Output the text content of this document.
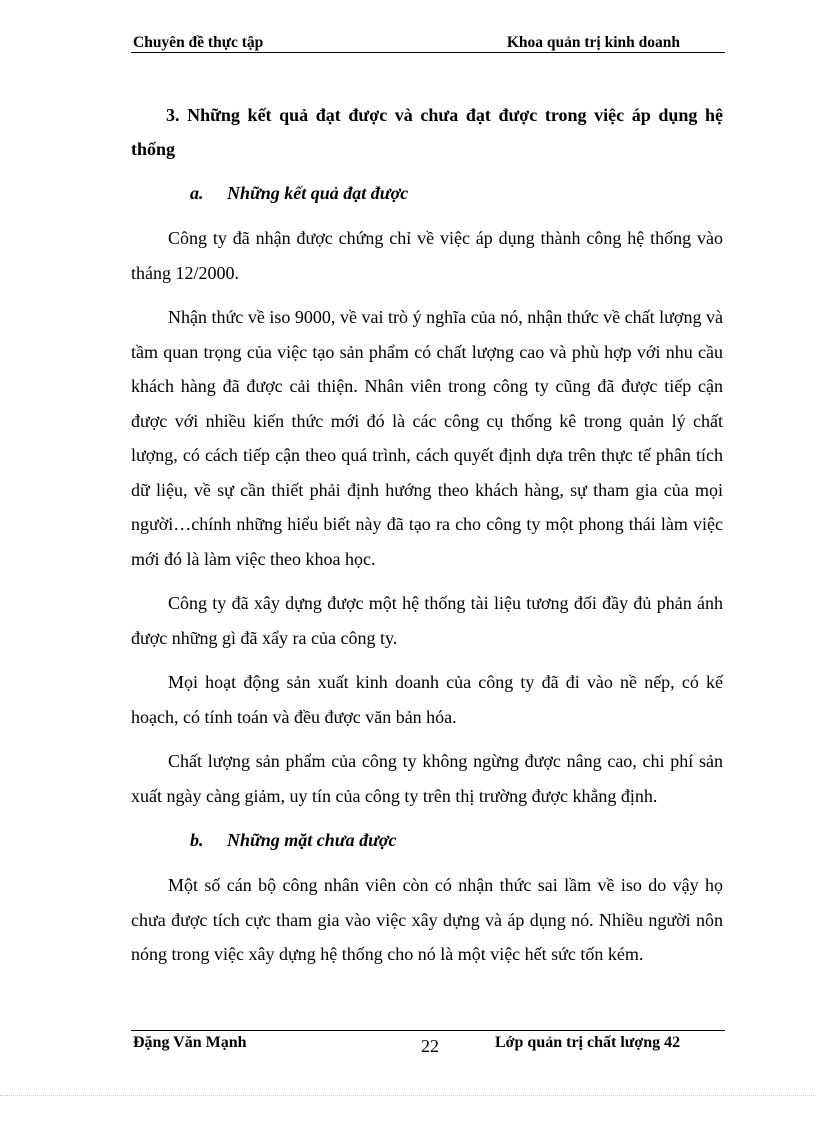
Chuyên đề thực tập	Khoa quản trị kinh doanh

3. Những kết quả đạt được và chưa đạt được trong việc áp dụng hệ thống

a. Những kết quả đạt được

Công ty đã nhận được chứng chỉ về việc áp dụng thành công hệ thống vào tháng 12/2000.

Nhận thức về iso 9000, về vai trò ý nghĩa của nó, nhận thức về chất lượng và tầm quan trọng của việc tạo sản phẩm có chất lượng cao và phù hợp với nhu cầu khách hàng đã được cải thiện. Nhân viên trong công ty cũng đã được tiếp cận được với nhiều kiến thức mới đó là các công cụ thống kê trong quản lý chất lượng, có cách tiếp cận theo quá trình, cách quyết định dựa trên thực tế phân tích dữ liệu, về sự cần thiết phải định hướng theo khách hàng, sự tham gia của mọi người…chính những hiểu biết này đã tạo ra cho công ty một phong thái làm việc mới đó là làm việc theo khoa học.

Công ty đã xây dựng được một hệ thống tài liệu tương đối đầy đủ phản ánh được những gì đã xẩy ra của công ty.

Mọi hoạt động sản xuất kinh doanh của công ty đã đi vào nề nếp, có kế hoạch, có tính toán và đều được văn bản hóa.

Chất lượng sản phẩm của công ty không ngừng được nâng cao, chi phí sản xuất ngày càng giảm, uy tín của công ty trên thị trường được khẳng định.

b. Những mặt chưa được

Một số cán bộ công nhân viên còn có nhận thức sai lầm về iso do vậy họ chưa được tích cực tham gia vào việc xây dựng và áp dụng nó. Nhiều người nôn nóng trong việc xây dựng hệ thống cho nó là một việc hết sức tốn kém.

Đặng Văn Mạnh	22	Lớp quản trị chất lượng 42
